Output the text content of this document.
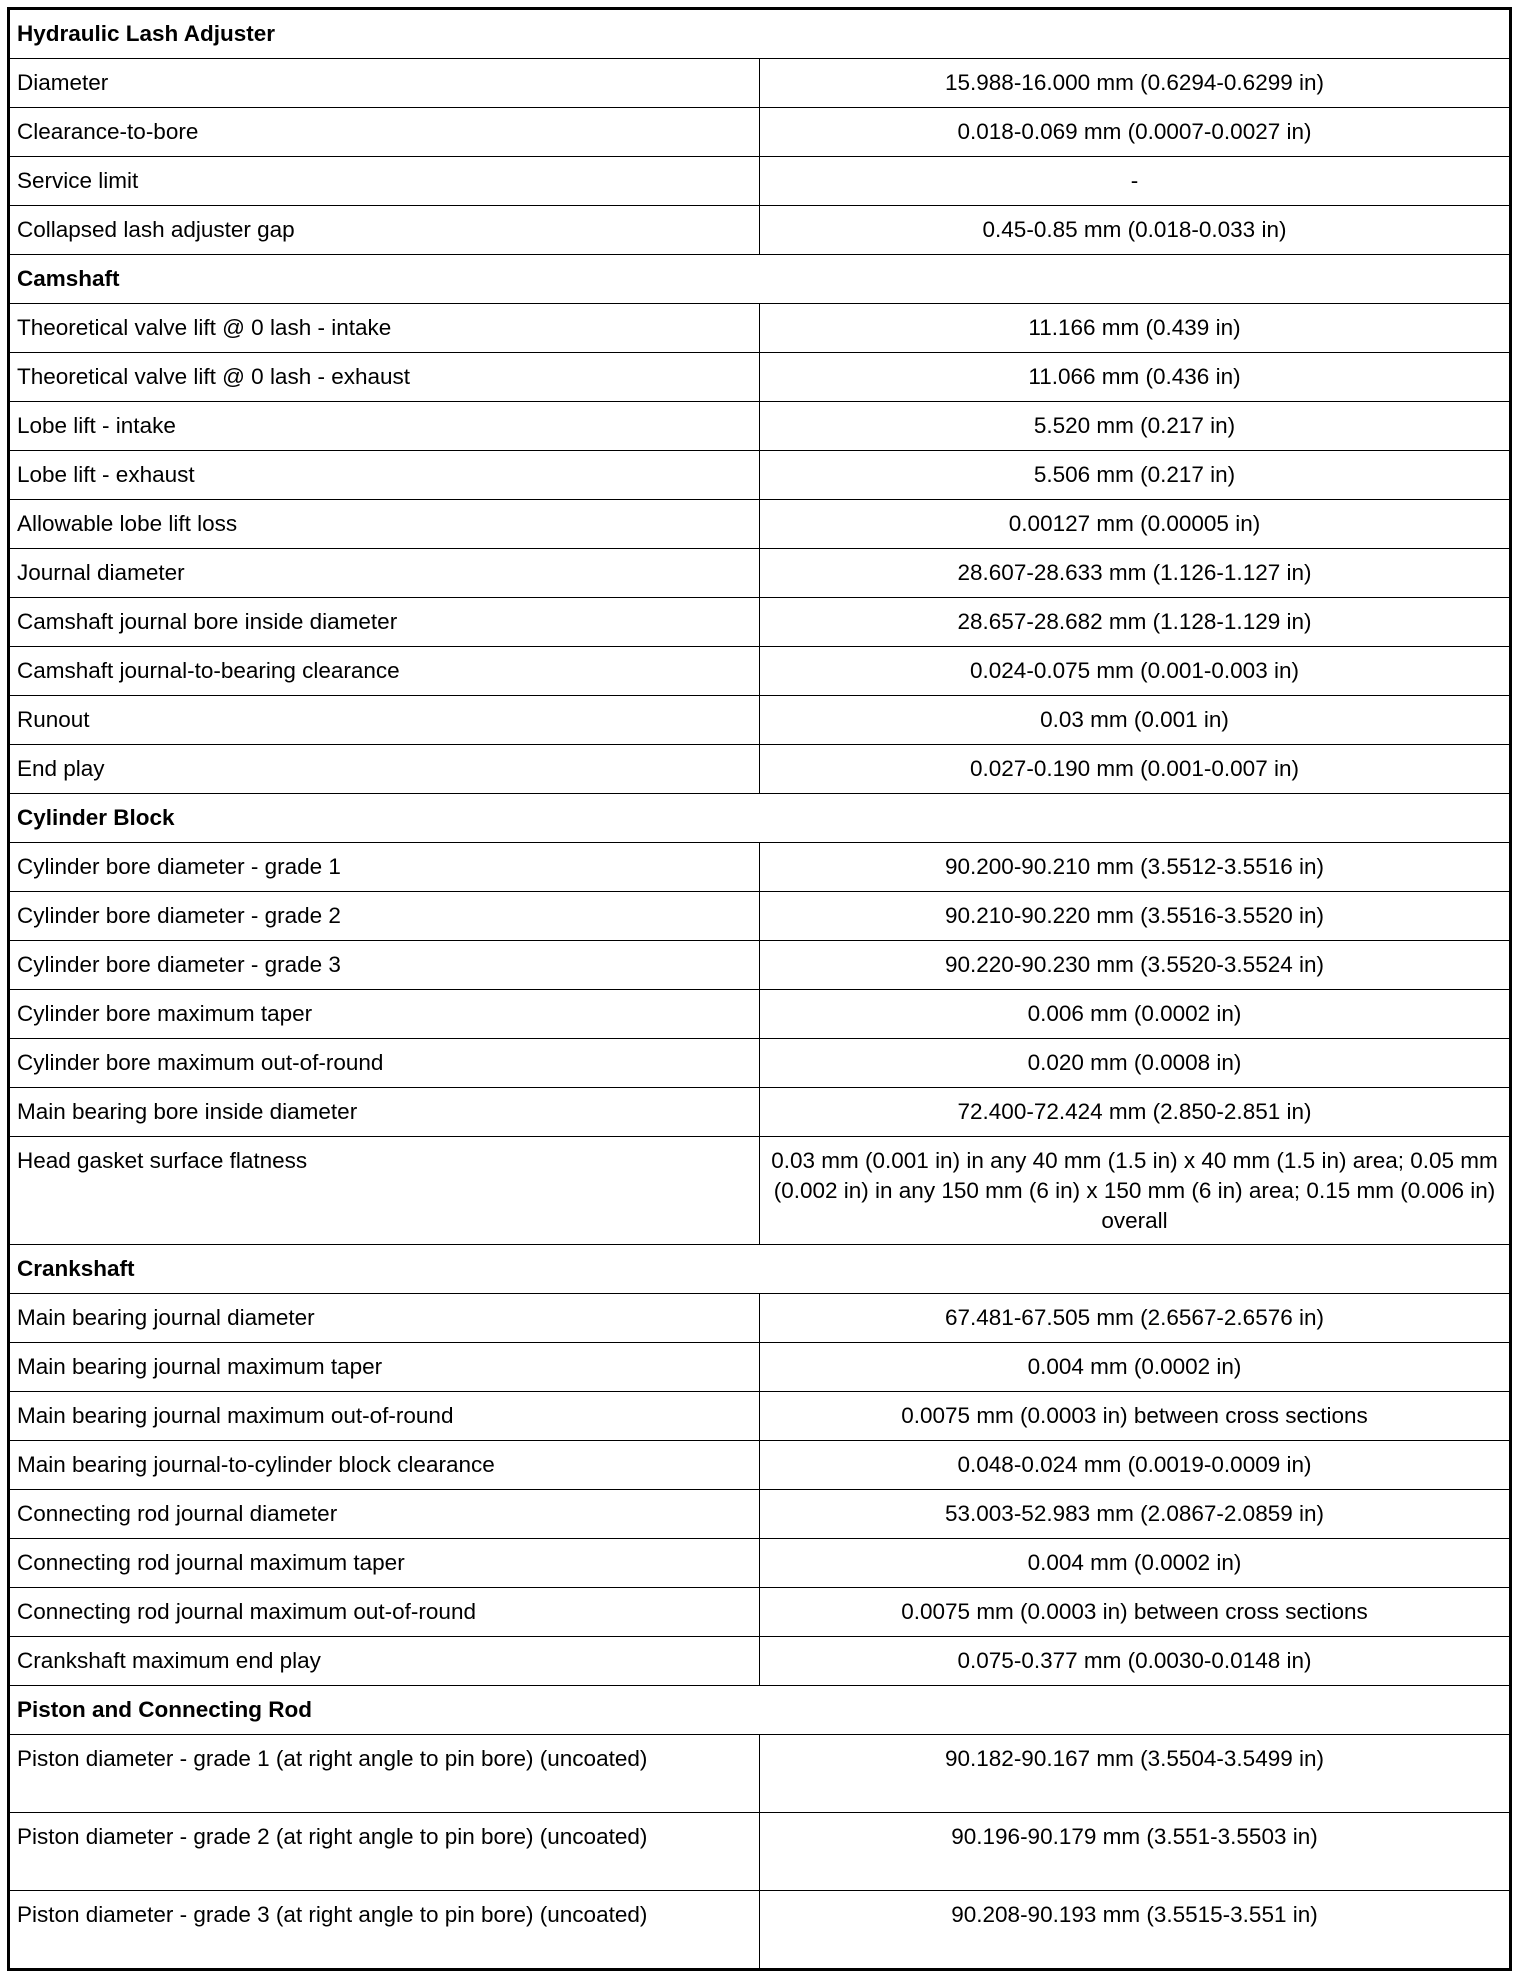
Hydraulic Lash Adjuster	
Diameter	15.988-16.000 mm (0.6294-0.6299 in)
Clearance-to-bore	0.018-0.069 mm (0.0007-0.0027 in)
Service limit	-
Collapsed lash adjuster gap	0.45-0.85 mm (0.018-0.033 in)
Camshaft	
Theoretical valve lift @ 0 lash - intake	11.166 mm (0.439 in)
Theoretical valve lift @ 0 lash - exhaust	11.066 mm (0.436 in)
Lobe lift - intake	5.520 mm (0.217 in)
Lobe lift - exhaust	5.506 mm (0.217 in)
Allowable lobe lift loss	0.00127 mm (0.00005 in)
Journal diameter	28.607-28.633 mm (1.126-1.127 in)
Camshaft journal bore inside diameter	28.657-28.682 mm (1.128-1.129 in)
Camshaft journal-to-bearing clearance	0.024-0.075 mm (0.001-0.003 in)
Runout	0.03 mm (0.001 in)
End play	0.027-0.190 mm (0.001-0.007 in)
Cylinder Block	
Cylinder bore diameter - grade 1	90.200-90.210 mm (3.5512-3.5516 in)
Cylinder bore diameter - grade 2	90.210-90.220 mm (3.5516-3.5520 in)
Cylinder bore diameter - grade 3	90.220-90.230 mm (3.5520-3.5524 in)
Cylinder bore maximum taper	0.006 mm (0.0002 in)
Cylinder bore maximum out-of-round	0.020 mm (0.0008 in)
Main bearing bore inside diameter	72.400-72.424 mm (2.850-2.851 in)
Head gasket surface flatness	0.03 mm (0.001 in) in any 40 mm (1.5 in) x 40 mm (1.5 in) area; 0.05 mm (0.002 in) in any 150 mm (6 in) x 150 mm (6 in) area; 0.15 mm (0.006 in) overall
Crankshaft	
Main bearing journal diameter	67.481-67.505 mm (2.6567-2.6576 in)
Main bearing journal maximum taper	0.004 mm (0.0002 in)
Main bearing journal maximum out-of-round	0.0075 mm (0.0003 in) between cross sections
Main bearing journal-to-cylinder block clearance	0.048-0.024 mm (0.0019-0.0009 in)
Connecting rod journal diameter	53.003-52.983 mm (2.0867-2.0859 in)
Connecting rod journal maximum taper	0.004 mm (0.0002 in)
Connecting rod journal maximum out-of-round	0.0075 mm (0.0003 in) between cross sections
Crankshaft maximum end play	0.075-0.377 mm (0.0030-0.0148 in)
Piston and Connecting Rod	
Piston diameter - grade 1 (at right angle to pin bore) (uncoated)	90.182-90.167 mm (3.5504-3.5499 in)
Piston diameter - grade 2 (at right angle to pin bore) (uncoated)	90.196-90.179 mm (3.551-3.5503 in)
Piston diameter - grade 3 (at right angle to pin bore) (uncoated)	90.208-90.193 mm (3.5515-3.551 in)
